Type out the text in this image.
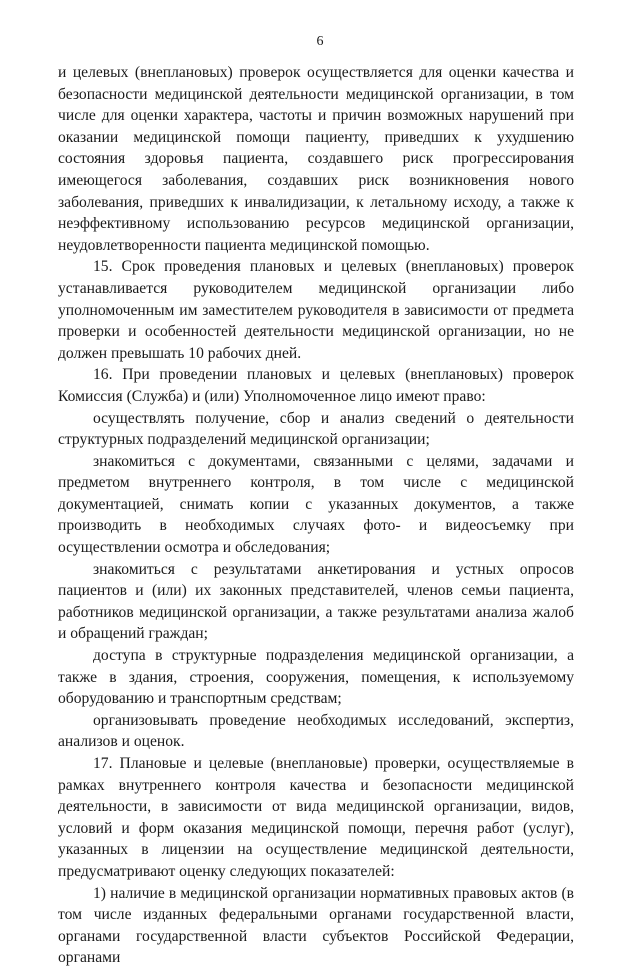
6

и целевых (внеплановых) проверок осуществляется для оценки качества и безопасности медицинской деятельности медицинской организации, в том числе для оценки характера, частоты и причин возможных нарушений при оказании медицинской помощи пациенту, приведших к ухудшению состояния здоровья пациента, создавшего риск прогрессирования имеющегося заболевания, создавших риск возникновения нового заболевания, приведших к инвалидизации, к летальному исходу, а также к неэффективному использованию ресурсов медицинской организации, неудовлетворенности пациента медицинской помощью.

15. Срок проведения плановых и целевых (внеплановых) проверок устанавливается руководителем медицинской организации либо уполномоченным им заместителем руководителя в зависимости от предмета проверки и особенностей деятельности медицинской организации, но не должен превышать 10 рабочих дней.

16. При проведении плановых и целевых (внеплановых) проверок Комиссия (Служба) и (или) Уполномоченное лицо имеют право:

осуществлять получение, сбор и анализ сведений о деятельности структурных подразделений медицинской организации;

знакомиться с документами, связанными с целями, задачами и предметом внутреннего контроля, в том числе с медицинской документацией, снимать копии с указанных документов, а также производить в необходимых случаях фото- и видеосъемку при осуществлении осмотра и обследования;

знакомиться с результатами анкетирования и устных опросов пациентов и (или) их законных представителей, членов семьи пациента, работников медицинской организации, а также результатами анализа жалоб и обращений граждан;

доступа в структурные подразделения медицинской организации, а также в здания, строения, сооружения, помещения, к используемому оборудованию и транспортным средствам;

организовывать проведение необходимых исследований, экспертиз, анализов и оценок.

17. Плановые и целевые (внеплановые) проверки, осуществляемые в рамках внутреннего контроля качества и безопасности медицинской деятельности, в зависимости от вида медицинской организации, видов, условий и форм оказания медицинской помощи, перечня работ (услуг), указанных в лицензии на осуществление медицинской деятельности, предусматривают оценку следующих показателей:

1) наличие в медицинской организации нормативных правовых актов (в том числе изданных федеральными органами государственной власти, органами государственной власти субъектов Российской Федерации, органами
